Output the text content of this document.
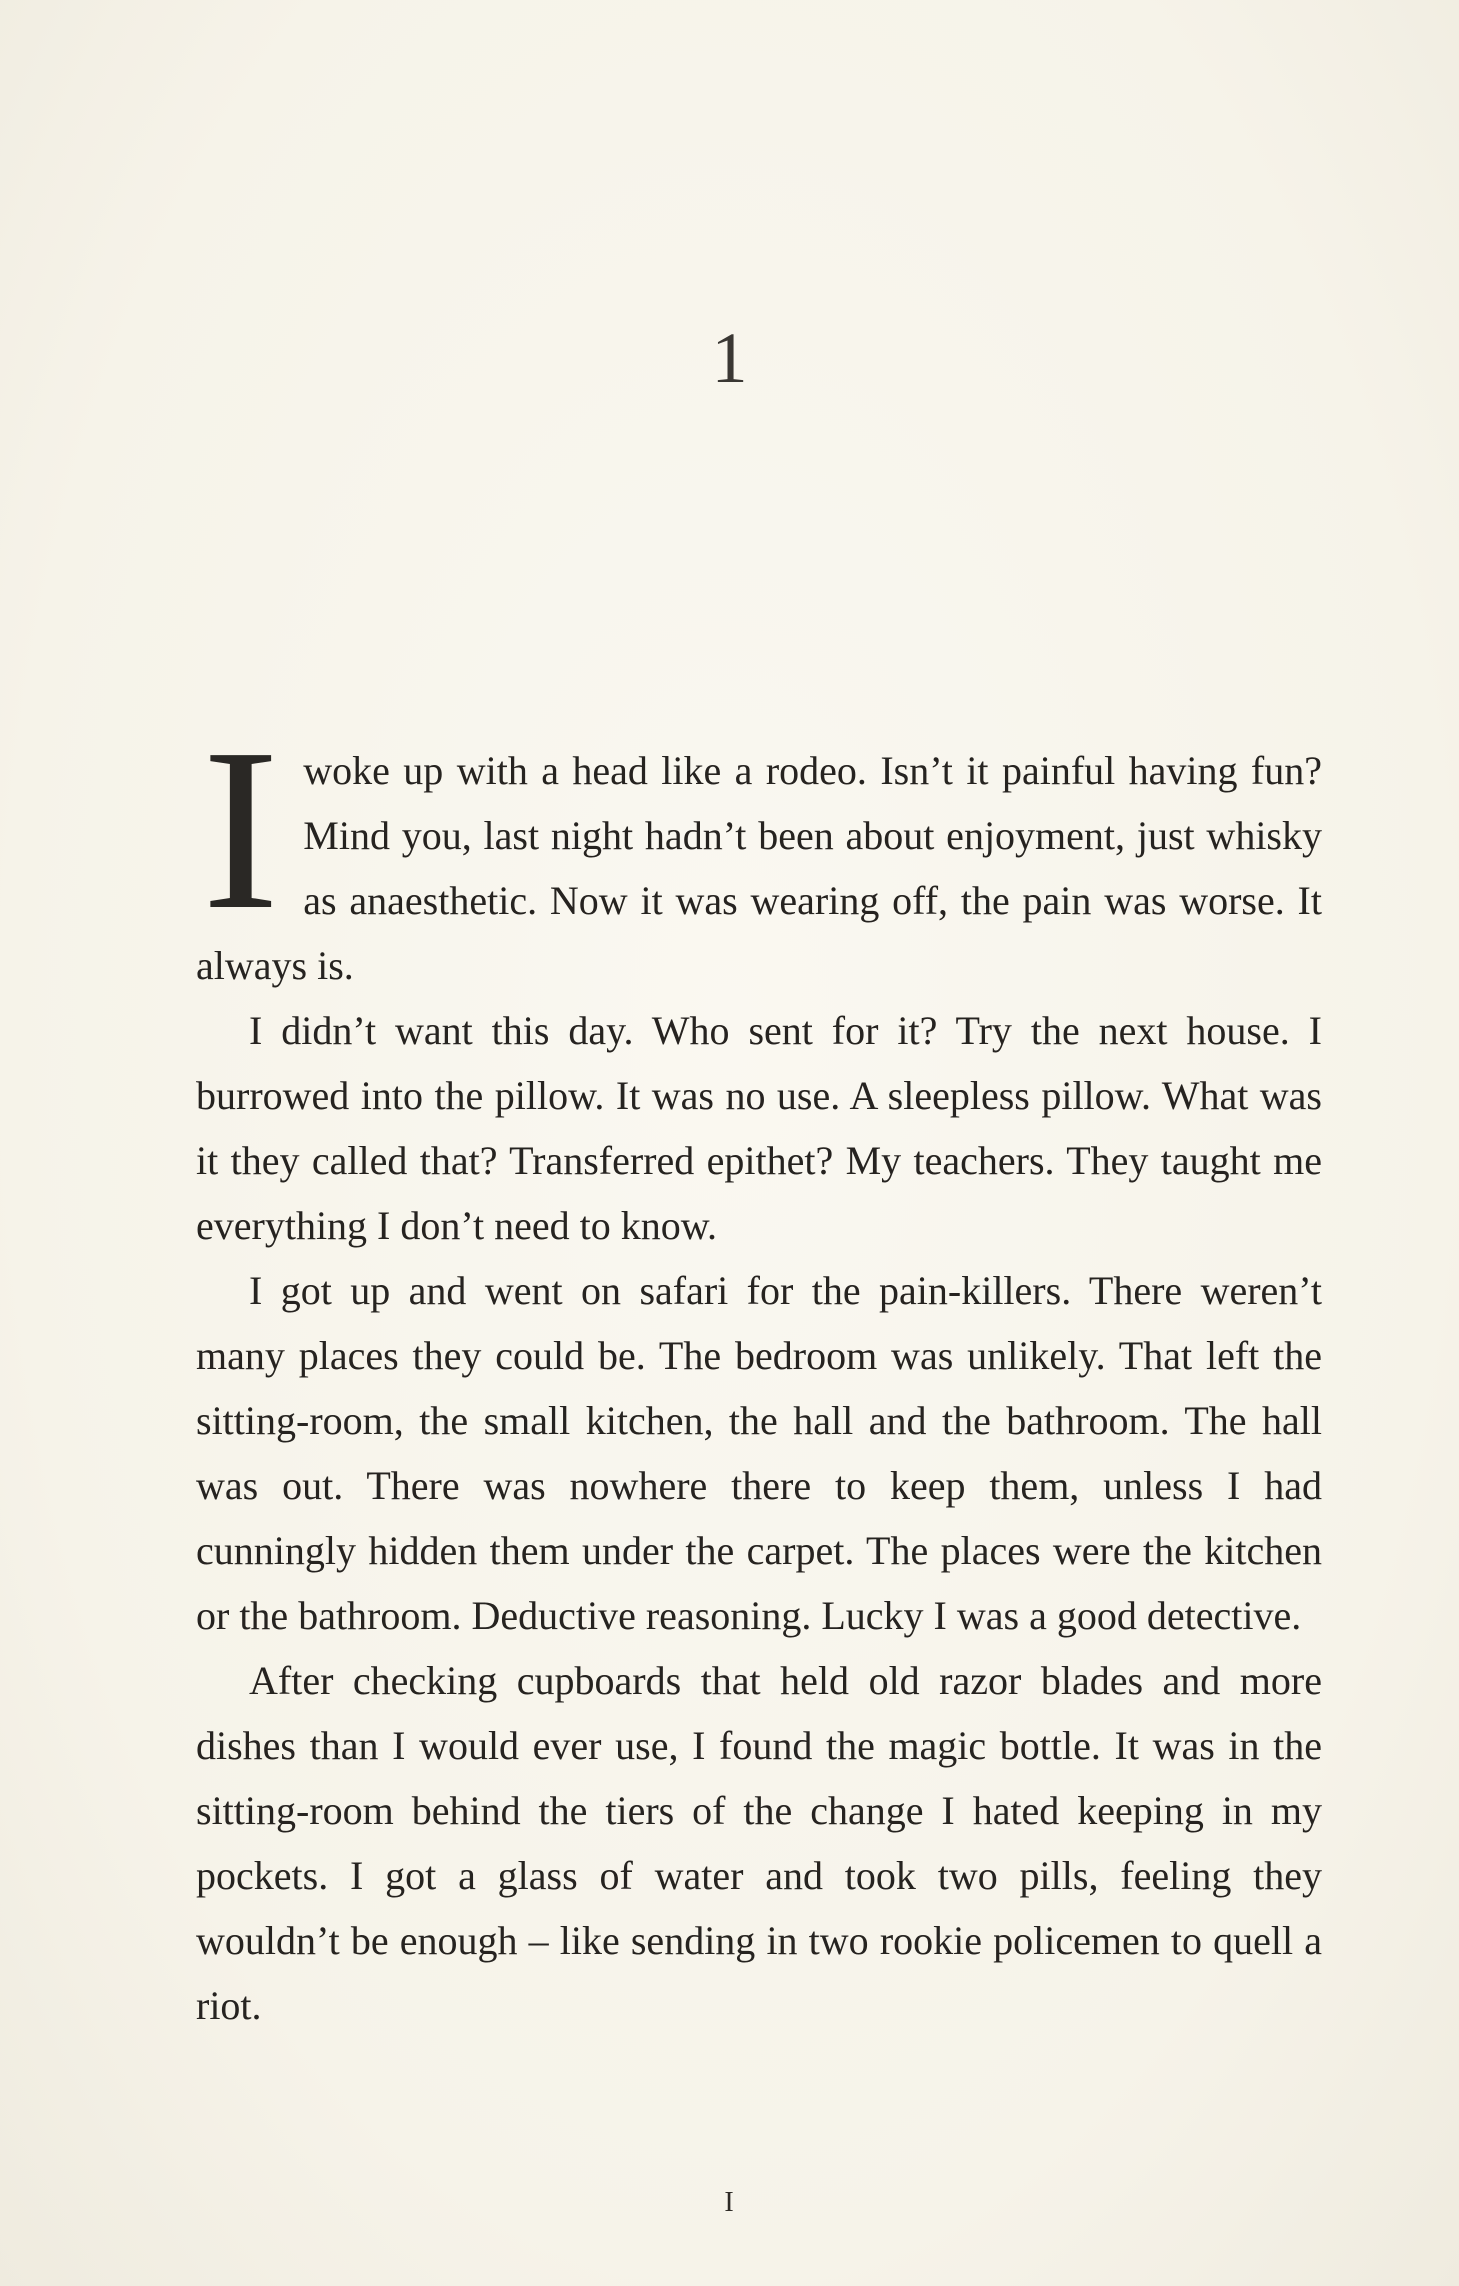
1

Iwoke up with a head like a rodeo. Isn’t it painful having fun? Mind you, last night hadn’t been about enjoyment, just whisky as anaesthetic. Now it was wearing off, the pain was worse. It always is.

I didn’t want this day. Who sent for it? Try the next house. I burrowed into the pillow. It was no use. A sleepless pillow. What was it they called that? Transferred epithet? My teachers. They taught me everything I don’t need to know.

I got up and went on safari for the pain-killers. There weren’t many places they could be. The bedroom was unlikely. That left the sitting-room, the small kitchen, the hall and the bathroom. The hall was out. There was nowhere there to keep them, unless I had cunningly hidden them under the carpet. The places were the kitchen or the bathroom. Deductive reasoning. Lucky I was a good detective.

After checking cupboards that held old razor blades and more dishes than I would ever use, I found the magic bottle. It was in the sitting-room behind the tiers of the change I hated keeping in my pockets. I got a glass of water and took two pills, feeling they wouldn’t be enough – like sending in two rookie policemen to quell a riot.

I
